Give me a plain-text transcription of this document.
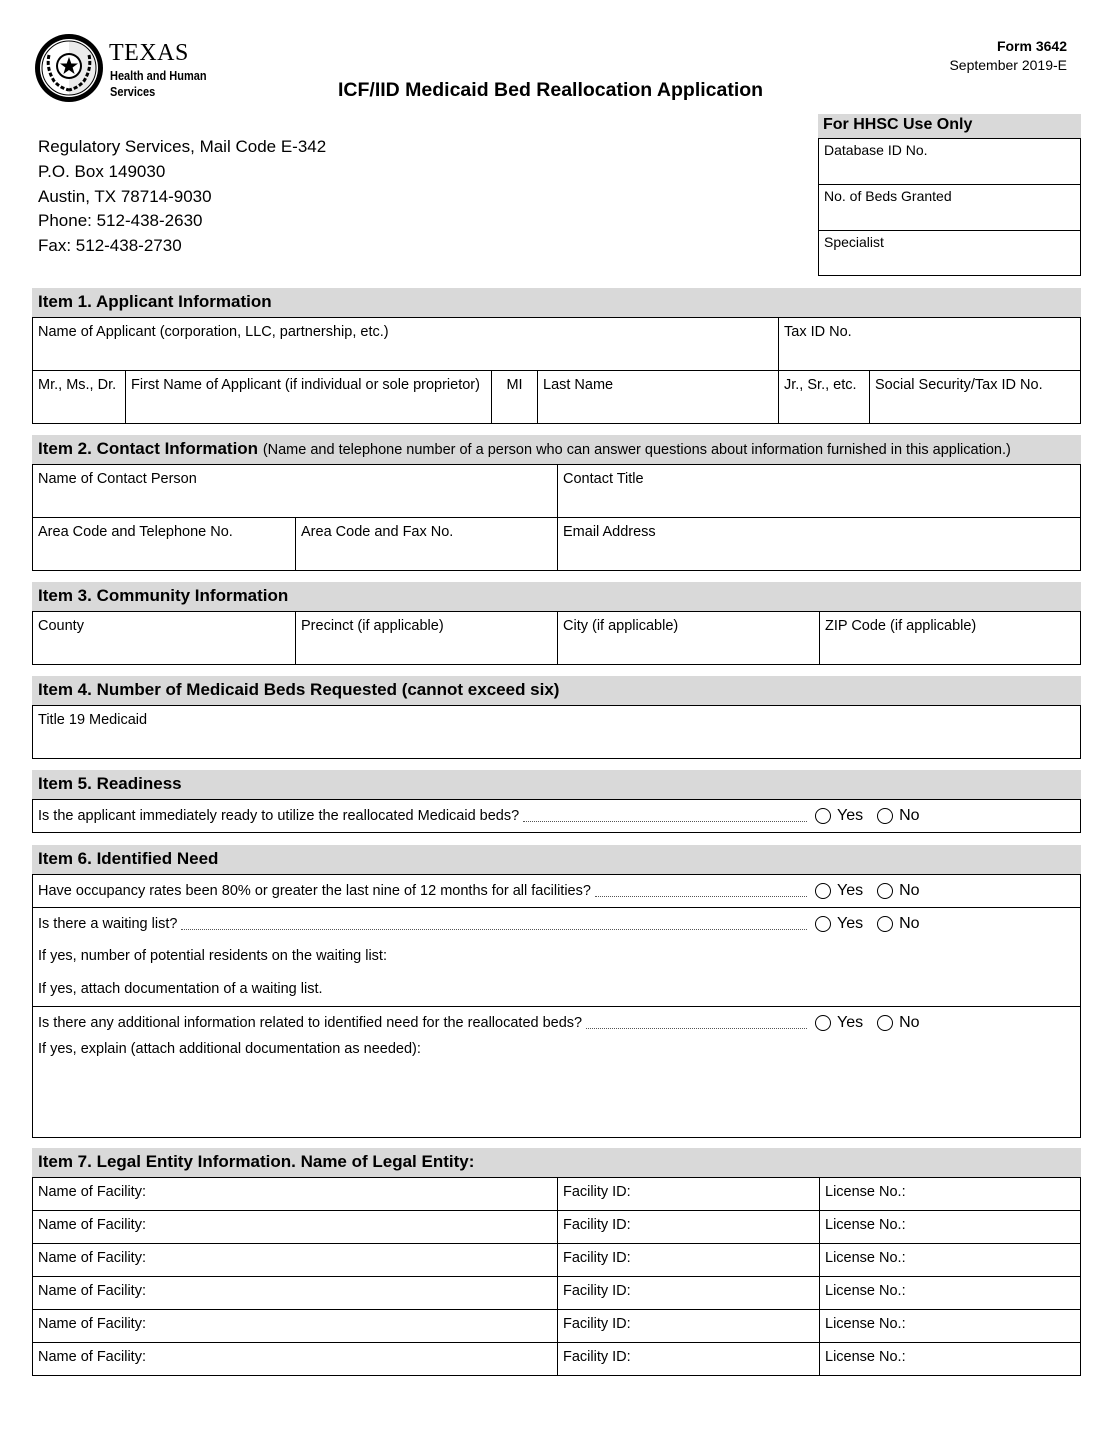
TEXAS
Health and Human
Services
Form 3642
September 2019-E
ICF/IID Medicaid Bed Reallocation Application
Regulatory Services, Mail Code E-342
P.O. Box 149030
Austin, TX 78714-9030
Phone: 512-438-2630
Fax: 512-438-2730
For HHSC Use Only
Database ID No.
No. of Beds Granted
Specialist
Item 1. Applicant Information
Name of Applicant (corporation, LLC, partnership, etc.)	Tax ID No.
Mr., Ms., Dr.	First Name of Applicant (if individual or sole proprietor)	MI	Last Name	Jr., Sr., etc.	Social Security/Tax ID No.
Item 2. Contact Information (Name and telephone number of a person who can answer questions about information furnished in this application.)
Name of Contact Person	Contact Title
Area Code and Telephone No.	Area Code and Fax No.	Email Address
Item 3. Community Information
County	Precinct (if applicable)	City (if applicable)	ZIP Code (if applicable)
Item 4. Number of Medicaid Beds Requested (cannot exceed six)
Title 19 Medicaid
Item 5. Readiness
Is the applicant immediately ready to utilize the reallocated Medicaid beds?	Yes No
Item 6. Identified Need
Have occupancy rates been 80% or greater the last nine of 12 months for all facilities?	Yes No
Is there a waiting list?	Yes No
If yes, number of potential residents on the waiting list:
If yes, attach documentation of a waiting list.
Is there any additional information related to identified need for the reallocated beds?	Yes No
If yes, explain (attach additional documentation as needed):
Item 7. Legal Entity Information. Name of Legal Entity:
Name of Facility:	Facility ID:	License No.:
Name of Facility:	Facility ID:	License No.:
Name of Facility:	Facility ID:	License No.:
Name of Facility:	Facility ID:	License No.:
Name of Facility:	Facility ID:	License No.:
Name of Facility:	Facility ID:	License No.:
